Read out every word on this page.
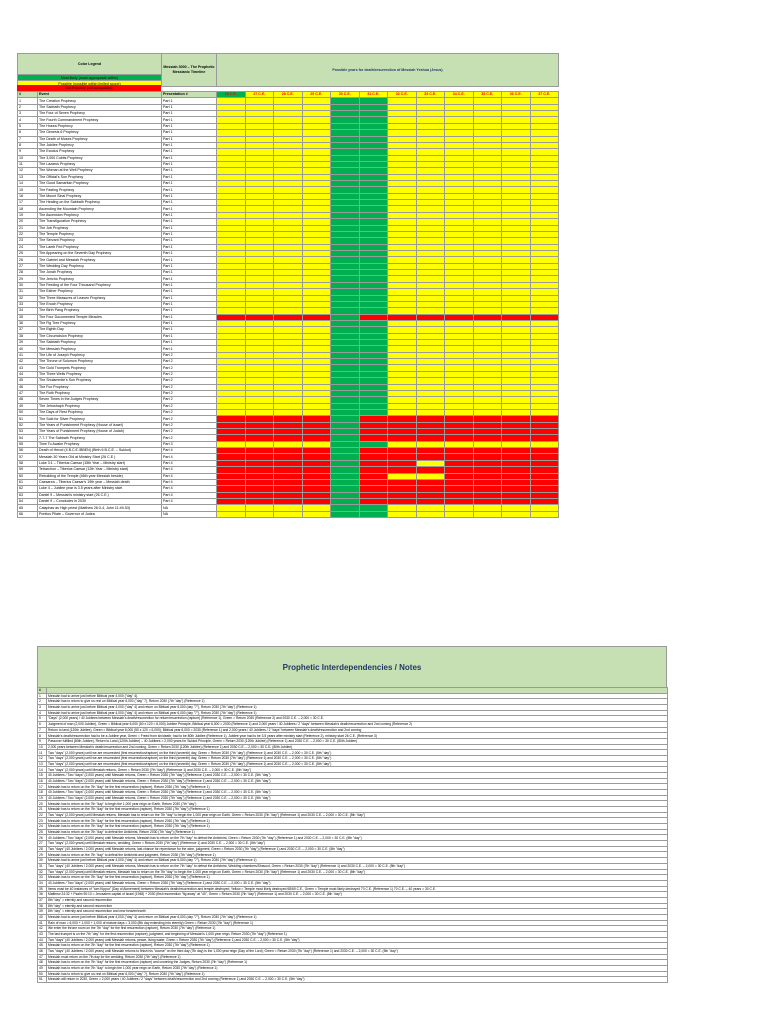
Color Legend	Messiah 3000 – The Prophetic Messianic Timeline	Possible years for death/resurrection of Messiah Yeshua (Jesus)
Most likely (most appropriate within)
Possible (possible within limited scope)
Not Possible (not compatible)
#	Event	Presentation #	26 C.E.	27 C.E.	28 C.E.	29 C.E.	30 C.E.	31 C.E.	32 C.E.	33 C.E.	34 C.E.	35 C.E.	36 C.E.	37 C.E.
1	The Creation Prophecy	Part 1												
2	The Sabbath Prophecy	Part 1												
3	The Four of Seven Prophecy	Part 1												
4	The Fourth Commandment Prophecy	Part 1												
5	The Hosea Prophecy	Part 1												
6	The Genesis 6 Prophecy	Part 1												
7	The Death of Moses Prophecy	Part 1												
8	The Jubilee Prophecy	Part 1												
9	The Exodus Prophecy	Part 1												
10	The 3,000 Cubits Prophecy	Part 1												
11	The Lazarus Prophecy	Part 1												
12	The Woman at the Well Prophecy	Part 1												
13	The Official's Son Prophecy	Part 1												
14	The Good Samaritan Prophecy	Part 1												
15	The Fasting Prophecy	Part 1												
16	The Mount Sinai Prophecy	Part 1												
17	The Healing on the Sabbath Prophecy	Part 1												
18	Ascending the Mountain Prophecy	Part 1												
19	The Ascension Prophecy	Part 1												
20	The Transfiguration Prophecy	Part 1												
21	The Job Prophecy	Part 1												
22	The Temple Prophecy	Part 1												
23	The Servant Prophecy	Part 1												
24	The Lamb Fed Prophecy	Part 1												
25	The Appearing on the Seventh Day Prophecy	Part 1												
26	The Gabriel and Messiah Prophecy	Part 1												
27	The Wedding Day Prophecy	Part 1												
28	The Jonah Prophecy	Part 1												
29	The Jericho Prophecy	Part 1												
30	The Feeding of the Four Thousand Prophecy	Part 1												
31	The Esther Prophecy	Part 1												
32	The Three Measures of Leaven Prophecy	Part 1												
33	The Enoch Prophecy	Part 1												
34	The Birth Pang Prophecy	Part 1												
35	The Four Documented Temple Miracles	Part 1												
36	The Fig Tree Prophecy	Part 1												
37	The Eighth Day	Part 1												
38	The Circumcision Prophecy	Part 1												
39	The Sabbath Prophecy	Part 1												
40	The Messiah Prophecy	Part 1												
41	The Life of Joseph Prophecy	Part 2												
42	The Throne of Solomon Prophecy	Part 2												
43	The Gold Trumpets Prophecy	Part 2												
44	The Three Wells Prophecy	Part 2												
45	The Shulammite's Sun Prophecy	Part 2												
46	The Fox Prophecy	Part 2												
47	The Ruth Prophecy	Part 2												
48	Seven Times in the Judges Prophecy	Part 2												
49	The Jehoshaph Prophecy	Part 2												
50	The Days of Rest Prophecy	Part 2												
51	The Sold for Silver Prophecy	Part 2												
52	The Years of Punishment Prophecy (House of Israel)	Part 2												
53	The Years of Punishment Prophecy (House of Judah)	Part 2												
54	7-7-7 The Sabbath Prophecy	Part 2												
55	Time To Awake Prophecy	Part 3												
56	Death of Herod (4 B.C.E./BBEN) (Birth 6 B.C.E. – Sukkot)	Part 4												
57	Messiah 30 Years Old at Ministry Start (26 C.E.)	Part 4												
58	Luke 3:1 – Tiberius Caesar (15th Year – Ministry start)	Part 4												
59	Tetrarchon – Tiberius Caesar (12th Year – Ministry start)	Part 4												
60	Rebuilding of the Temple (46th year Messiah beside)	Part 4												
61	Caesarea – Tiberius Caesar's 19th year – Messiah death	Part 4												
62	Luke 4 – Jubilee year is 3.5 years after Ministry start	Part 4												
63	Daniel 9 – Messiah's ministry start (26 C.E.)	Part 4												
64	Daniel 9 – Concludes in 2030	Part 4												
65	Caiaphas as High priest (Matthew 26:3-4, John 11:49-53)	NA												
66	Pontius Pilate – Governor of Judea	NA												
Prophetic Interdependencies / Notes
#	
1	Messiah had to arrive just before Biblical year 4,000 ("day" 4).
2	Messiah has to return to give us rest on Biblical year 6,000 ("day" 7), Return 2030 (7th "day") (Reference 1)
3	Messiah had to arrive just before Biblical year 4,000 ("day" 4) and return on Biblical year 6,000 (day "7"), Return 2030 (7th "day") (Reference 1)
4	Messiah had to arrive just before Biblical year 4,000 ("day" 4) and return on Biblical year 6,000 (day "7"), Return 2030 (7th "day") (Reference 1)
5	"Days" (2,000 years) / 40 Jubilees between Messiah's death/resurrection for return/resurrection (rapture) (Reference 1), Green = Return 2030 (Reference 2) and 2030 C.E. – 2,000 = 30 C.E.
6	Judgment of man (2,000 Jubilee), Green = Biblical year 6,000 (50 x 120 = 6,000) Jubilee Principle, Biblical year 6,000 = 2030 (Reference 1) and 2,000 years / 40 Jubilees / 2 "days" between Messiah's death/resurrection and 2nd coming (Reference 2)
7	Return to land (120th Jubilee), Green = Biblical year 6,000 (50 x 120 = 6,000), Biblical year 6,000 = 2030 (Reference 1) and 2,000 years / 40 Jubilees / 2 "days" between Messiah's death/resurrection and 2nd coming
8	Messiah's death/resurrection had to be a Jubilee year, Green = Freed from sin/death; had to be 80th Jubilee (Reference 1), Jubilee year had to be 3.5 years after ministry start (Reference 2), ministry start 26 C.E. (Reference 3)
9	Passover fulfilled (80th Jubilee), Return to Land (120th Jubilee) – 40 Jubilees = 2,000 years for Sukkot Principle, Green = Return 2030 (120th Jubilee) (Reference 1) and 2030 C.E. – 2,000 = 30 C.E. (80th Jubilee)
10	2,000 years between Messiah's death/resurrection and 2nd coming, Green = Return 2030 (120th Jubilee) (Reference 1) and 2030 C.E. – 2,000 = 30 C.E. (80th Jubilee)
11	Two "days" (2,000 years) until we are resurrected (first resurrection/rapture) on the third (seventh) day, Green = Return 2030 (7th "day") (Reference 1) and 2030 C.E. – 2,000 = 30 C.E. (5th "day")
12	Two "days" (2,000 years) until we are resurrected (first resurrection/rapture) on the third (seventh) day, Green = Return 2030 (7th "day") (Reference 1) and 2030 C.E. – 2,000 = 30 C.E. (5th "day")
13	Two "days" (2,000 years) until we are resurrected (first resurrection/rapture) on the third (seventh) day, Green = Return 2030 (7th "day") (Reference 1) and 2030 C.E. – 2,000 = 30 C.E. (5th "day")
14	Two "days" (2,000 years) until Messiah returns, Green = Return 2030 (7th "day") (Reference 1) and 2030 C.E. – 2,000 = 30 C.E. (5th "day")
15	40 Jubilees / Two "days" (2,000 years) until Messiah returns, Green = Return 2030 (7th "day") (Reference 1) and 2030 C.E. – 2,000 = 30 C.E. (5th "day")
16	40 Jubilees / Two "days" (2,000 years) until Messiah returns, Green = Return 2030 (7th "day") (Reference 1) and 2030 C.E. – 2,000 = 30 C.E. (5th "day")
17	Messiah has to return on the 7th "day" for the first resurrection (rapture), Return 2030 (7th "day") (Reference 1)
18	40 Jubilees / Two "days" (2,000 years) until Messiah returns, Green = Return 2030 (7th "day") (Reference 1) and 2030 C.E. – 2,000 = 30 C.E. (5th "day")
19	40 Jubilees / Two "days" (2,000 years) until Messiah returns, Green = Return 2030 (7th "day") (Reference 1) and 2030 C.E. – 2,000 = 30 C.E. (5th "day")
20	Messiah has to return on the 7th "day" to begin the 1,000 year reign on Earth, Return 2030 (7th "day")
21	Messiah has to return on the 7th "day" for the first resurrection (rapture), Return 2030 (7th "day") (Reference 1)
22	Two "days" (2,000 years) until Messiah returns, Messiah has to return on the 7th "day" to begin the 1,000 year reign on Earth, Green = Return 2030 (7th "day") (Reference 1) and 2030 C.E. – 2,000 = 30 C.E. (5th "day")
23	Messiah has to return on the 7th "day" for the first resurrection (rapture), Return 2030 (7th "day") (Reference 1)
24	Messiah has to return on the 7th "day" for the first resurrection (rapture), Return 2030 (7th "day") (Reference 1)
25	Messiah has to return on the 7th "day" to defeat the Antichrist, Return 2030 (7th "day") (Reference 1)
26	40 Jubilees / Two "days" (2,000 years) until Messiah returns, Messiah has to return on the 7th "day" to defeat the Antichrist, Green = Return 2030 (7th "day") (Reference 1) and 2030 C.E. – 2,000 = 30 C.E. (5th "day")
27	Two "days" (2,000 years) until Messiah returns, wedding, Green = Return 2030 (7th "day") (Reference 1) and 2030 C.E. – 2,000 = 30 C.E. (5th "day")
28	Two "days" (40 Jubilees / 2,000 years) until Messiah returns, last chance for repentance for the wine, judgment, Green = Return 2030 (7th "day") (Reference 1) and 2030 C.E. – 2,000 = 30 C.E. (5th "day")
29	Messiah has to return on the 7th "day" to defeat the Antichrist and judgment, Return 2030 (7th "day") (Reference 1)
30	Messiah had to arrive just before Biblical year 4,000 ("day" 4) and return on Biblical year 6,000 (day "7"), Return 2030 (7th "day") (Reference 1)
31	Two "days" (40 Jubilees / 2,000 years) until Messiah returns, Messiah has to return on the 7th "day" to defeat the Antichrist, Wedding chambers/Shavuot, Green = Return 2030 (7th "day") (Reference 1) and 2030 C.E. – 2,000 = 30 C.E. (5th "day")
32	Two "days" (2,000 years) until Messiah returns, Messiah has to return on the 7th "day" to begin the 1,000 year reign on Earth, Green = Return 2030 (7th "day") (Reference 1) and 2030 C.E. – 2,000 = 30 C.E. (5th "day")
33	Messiah has to return on the 7th "day" for the first resurrection (rapture), Return 2030 (7th "day") (Reference 1)
34	40 Jubilees / Two "days" (2,000 years) until Messiah returns, Green = Return 2030 (7th "day") (Reference 1) and 2030 C.E. – 2,000 = 30 C.E. (5th "day")
35	Items must be 40 instances of "tum Kippur" (Day of Atonement) between Messiah's death/resurrection and temple destroyed, Yellow = Temple most likely destroyed 68/69 C.E., Green = Temple most likely destroyed 70 C.E. (Reference 1) 70 C.E. – 40 years = 30 C.E.
36	Matthew 24:32 + Psalm 90:10 = Jerusalem capital of Israel (1948) + 2030 (first resurrection "fig away" at "40", Green = Return 2030 (7th "day") (Reference 1) and 2030 C.E. – 2,000 = 30 C.E. (5th "day")
37	8th "day" = eternity and second resurrection
38	8th "day" = eternity and second resurrection
39	8th "day" = eternity and second resurrection and new heaven/earth
40	Messiah had to arrive just before Biblical year 4,000 ("day" 4) and return on Biblical year 6,000 (day "7"), Return 2030 (7th "day") (Reference 1)
41	Rain of man = 6,000 + 1,000 + 1,000 of mature days = 3,000 (8th day extending into eternity) Green = Return 2030 (7th "day") (Reference 1)
42	We enter the throne room on the 7th "day" for the first resurrection (rapture), Return 2030 (7th "day") (Reference 1)
43	The last trumpet is on the 7th "day" for the first resurrection (rapture), judgment, and beginning of Messiah's 1,000 year reign, Return 2030 (7th "day") (Reference 1)
44	Two "days" (40 Jubilees / 2,000 years) until Messiah returns, peace, living water, Green = Return 2030 (7th "day") (Reference 1) and 2030 C.E. – 2,000 = 30 C.E. (5th "day")
45	Messiah has to return on the 7th "day" for the first resurrection (rapture), Return 2030 (7th "day") (Reference 1)
46	Two "days" (40 Jubilees / 2,000 years) until Messiah returns to finish his "course" on the third day (7th day) is the 1,000 year reign (Day of the Lord), Green = Return 2030 (7th "day") (Reference 1) and 2030 C.E. – 2,000 = 30 C.E. (5th "day")
47	Messiah must return on the 7th day for the wedding, Return 2030 (7th "day") (Reference 1)
48	Messiah has to return on the 7th "day" for the first resurrection (rapture) and crowning the Judges, Return 2030 (7th "day") (Reference 1)
49	Messiah has to return on the 7th "day" to begin the 1,000 year reign on Earth, Return 2030 (7th "day") (Reference 1)
50	Messiah has to return to give us rest on Biblical year 6,000 ("day" 7), Return 2030 (7th "day") (Reference 1)
51	Messiah will return in 2030, Green = 2,000 years / 40 Jubilees / 2 "days" between death/resurrection and 2nd coming (Reference 1) and 2030 C.E. – 2,000 = 30 C.E. (5th "day")
